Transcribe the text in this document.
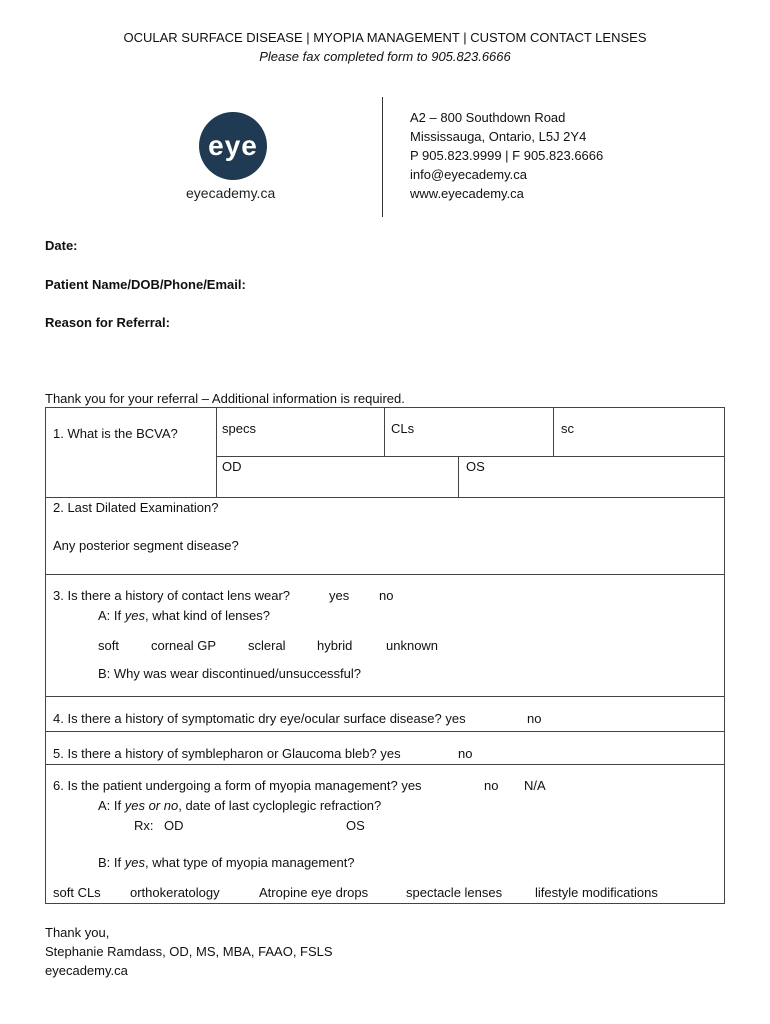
OCULAR SURFACE DISEASE | MYOPIA MANAGEMENT | CUSTOM CONTACT LENSES
Please fax completed form to 905.823.6666
eye
eyecademy.ca
A2 – 800 Southdown Road
Mississauga, Ontario, L5J 2Y4
P 905.823.9999 | F 905.823.6666
info@eyecademy.ca
www.eyecademy.ca
Date:
Patient Name/DOB/Phone/Email:
Reason for Referral:
Thank you for your referral – Additional information is required.
1. What is the BCVA?	specs	CLs	sc
OD	OS
2. Last Dilated Examination?
Any posterior segment disease?
3. Is there a history of contact lens wear?	yes no
A: If yes, what kind of lenses?
soft corneal GP scleral hybrid	unknown
B: Why was wear discontinued/unsuccessful?
4. Is there a history of symptomatic dry eye/ocular surface disease? yes	no
5. Is there a history of symblepharon or Glaucoma bleb? yes	no
6. Is the patient undergoing a form of myopia management? yes	no N/A
A: If yes or no, date of last cycloplegic refraction?
Rx: OD	OS
B: If yes, what type of myopia management?
soft CLs orthokeratology	Atropine eye drops	spectacle lenses	lifestyle modifications
Thank you,
Stephanie Ramdass, OD, MS, MBA, FAAO, FSLS
eyecademy.ca
